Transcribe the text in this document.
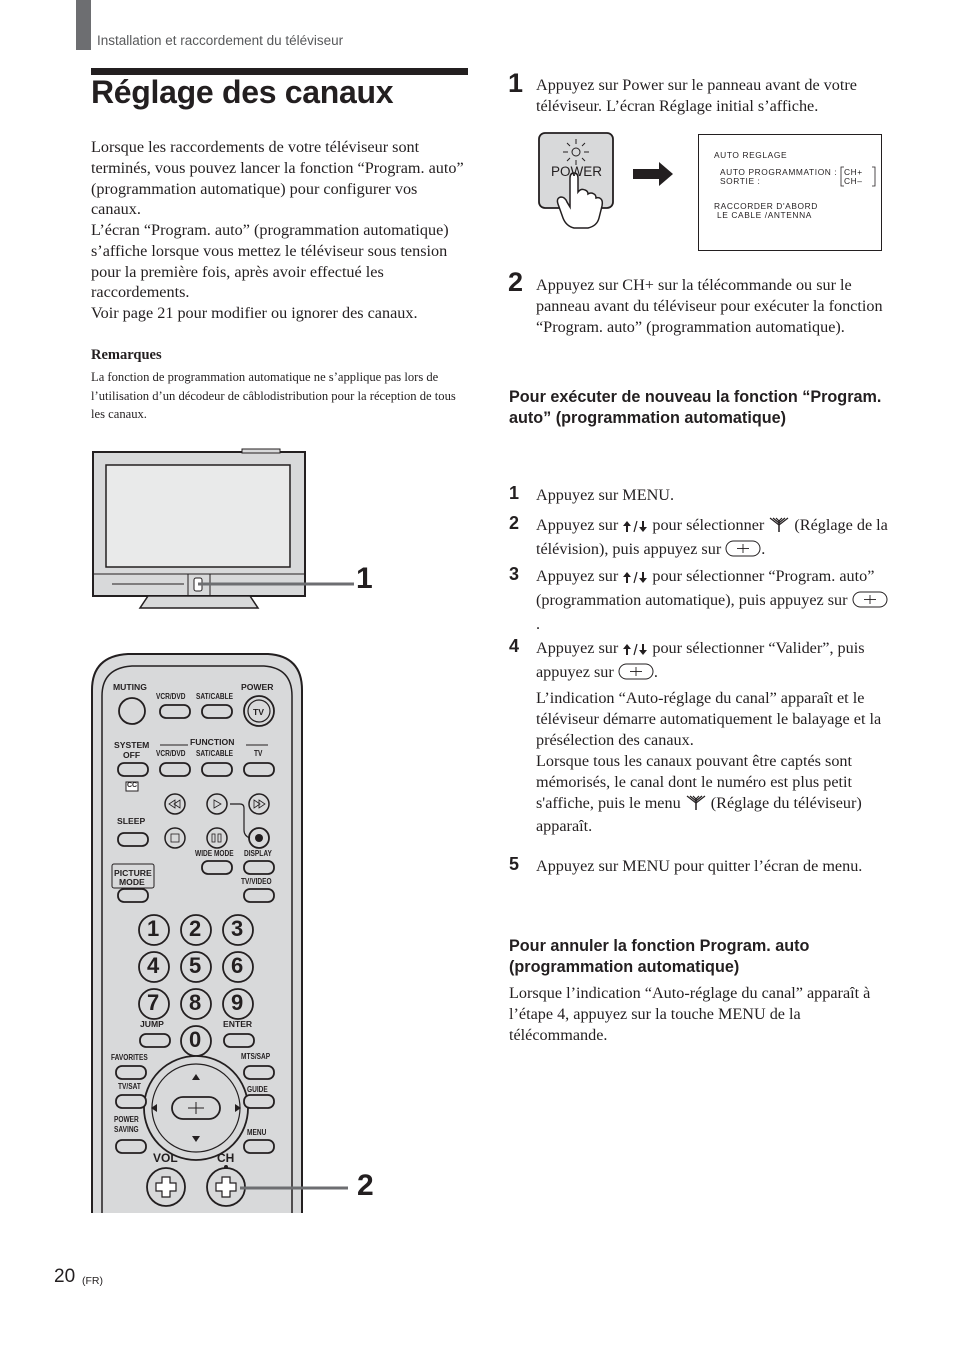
Installation et raccordement du téléviseur
Réglage des canaux
Lorsque les raccordements de votre téléviseur sont terminés, vous pouvez lancer la fonction “Program. auto” (programmation automatique) pour configurer vos canaux.
L’écran “Program. auto” (programmation automatique) s’affiche lorsque vous mettez le téléviseur sous tension pour la première fois, après avoir effectué les raccordements.
Voir page 21 pour modifier ou ignorer des canaux.
Remarques
La fonction de programmation automatique ne s’applique pas lors de l’utilisation d’un décodeur de câblodistribution pour la réception de tous les canaux.
1
MUTING
VCR/DVD SAT/CABLE
POWER
TV
SYSTEM
OFF
FUNCTION
VCR/DVD SAT/CABLE	TV
CC
SLEEP
WIDE MODE DISPLAY
PICTURE
MODE	TV/VIDEO
1 2 3
4 5 6
7 8 9
0
JUMP	ENTER
FAVORITES	MTS/SAP
TV/SAT	GUIDE
POWER
SAVING	MENU
VOL	CH
2
1 Appuyez sur Power sur le panneau avant de votre téléviseur. L’écran Réglage initial s’affiche.
POWER
AUTO REGLAGE
AUTO PROGRAMMATION :
SORTIE :
CH+
CH–
RACCORDER D'ABORD
LE CABLE /ANTENNA
2 Appuyez sur CH+ sur la télécommande ou sur le panneau avant du téléviseur pour exécuter la fonction “Program. auto” (programmation automatique).
Pour exécuter de nouveau la fonction “Program. auto” (programmation automatique)
1 Appuyez sur MENU.
2 Appuyez sur pour sélectionner (Réglage de la télévision), puis appuyez sur .
3 Appuyez sur pour sélectionner “Program. auto” (programmation automatique), puis appuyez sur .
4 Appuyez sur pour sélectionner “Valider”, puis appuyez sur .
L’indication “Auto-réglage du canal” apparaît et le téléviseur démarre automatiquement le balayage et la présélection des canaux.
Lorsque tous les canaux pouvant être captés sont mémorisés, le canal dont le numéro est plus petit s'affiche, puis le menu (Réglage du téléviseur) apparaît.
5 Appuyez sur MENU pour quitter l’écran de menu.
Pour annuler la fonction Program. auto (programmation automatique)
Lorsque l’indication “Auto-réglage du canal” apparaît à l’étape 4, appuyez sur la touche MENU de la télécommande.
20 (FR)
